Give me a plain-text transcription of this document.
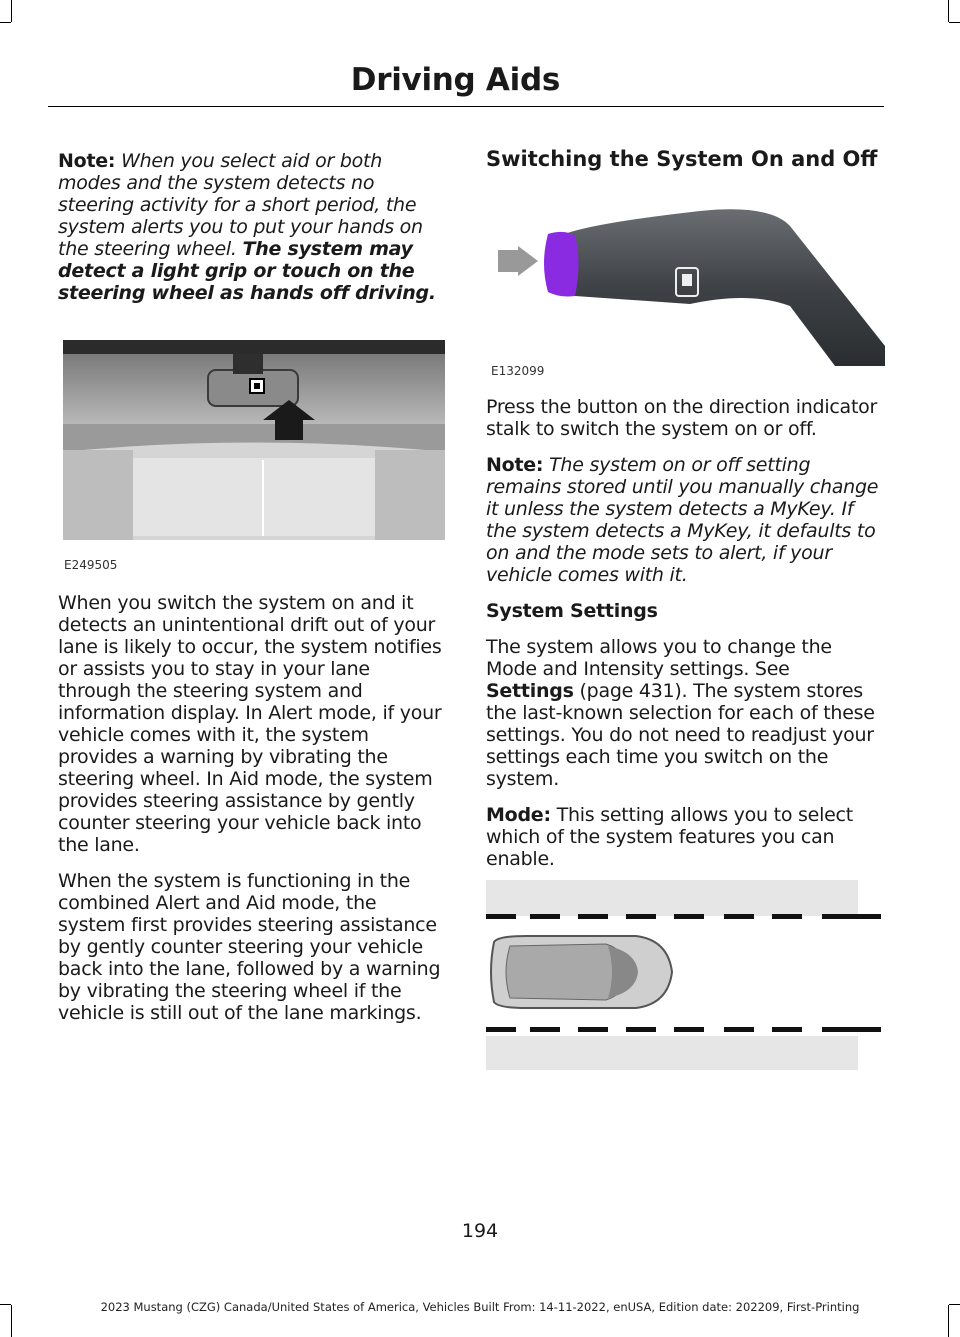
Driving Aids

Note: When you select aid or both modes and the system detects no steering activity for a short period, the system alerts you to put your hands on the steering wheel. The system may detect a light grip or touch on the steering wheel as hands off driving.

E249505

When you switch the system on and it detects an unintentional drift out of your lane is likely to occur, the system notifies or assists you to stay in your lane through the steering system and information display. In Alert mode, if your vehicle comes with it, the system provides a warning by vibrating the steering wheel. In Aid mode, the system provides steering assistance by gently counter steering your vehicle back into the lane.

When the system is functioning in the combined Alert and Aid mode, the system first provides steering assistance by gently counter steering your vehicle back into the lane, followed by a warning by vibrating the steering wheel if the vehicle is still out of the lane markings.

Switching the System On and Off
E132099

Press the button on the direction indicator stalk to switch the system on or off.

Note: The system on or off setting remains stored until you manually change it unless the system detects a MyKey. If the system detects a MyKey, it defaults to on and the mode sets to alert, if your vehicle comes with it.

System Settings

The system allows you to change the Mode and Intensity settings. See Settings (page 431). The system stores the last-known selection for each of these settings. You do not need to readjust your settings each time you switch on the system.

Mode: This setting allows you to select which of the system features you can enable.

194
2023 Mustang (CZG) Canada/United States of America, Vehicles Built From: 14-11-2022, enUSA, Edition date: 202209, First-Printing
